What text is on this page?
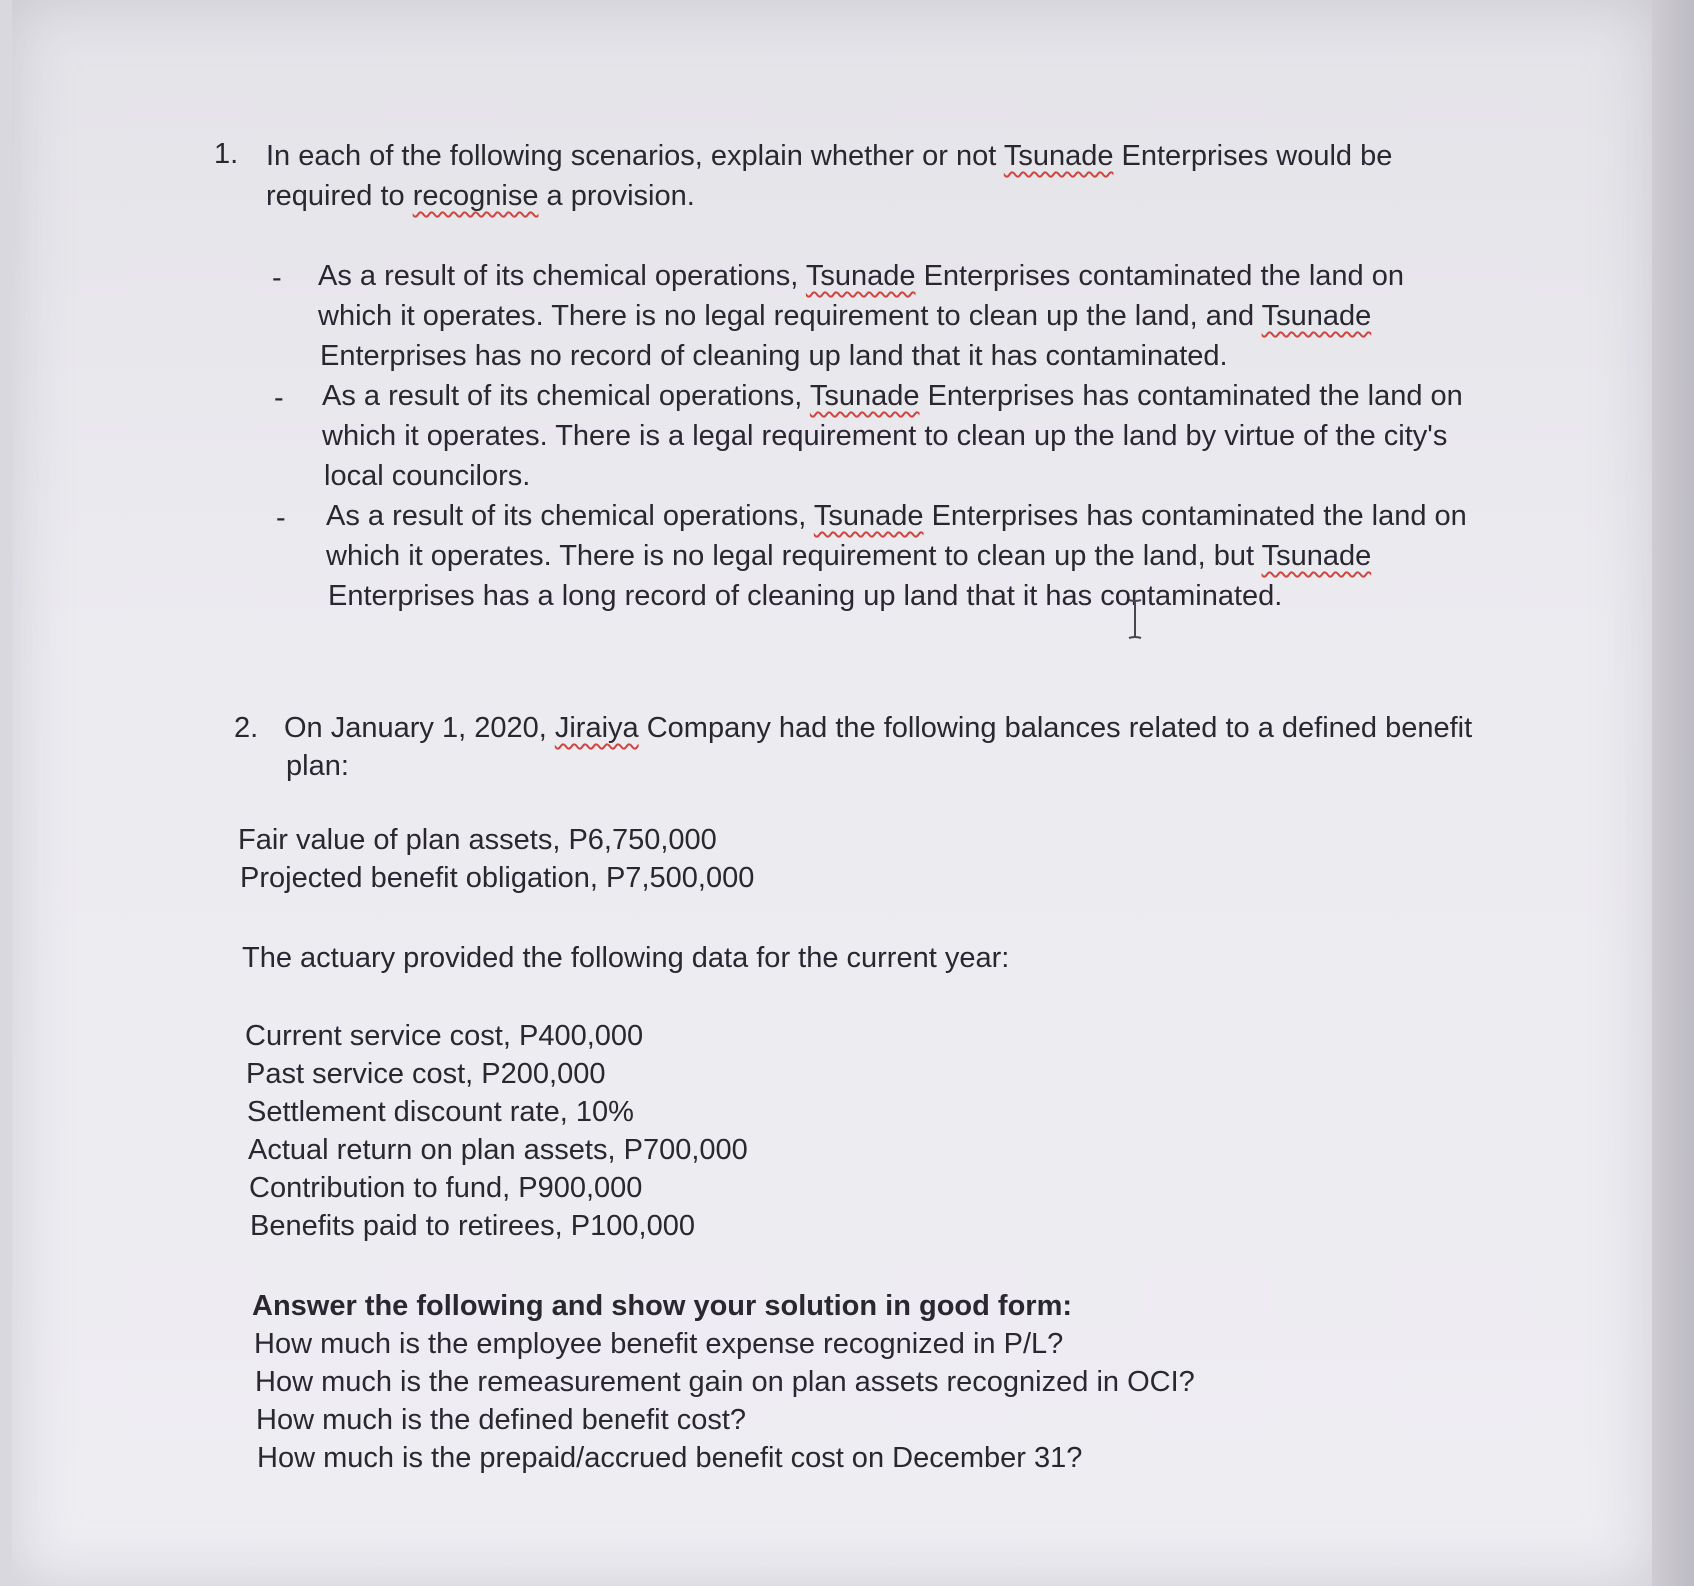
1. In each of the following scenarios, explain whether or not Tsunade Enterprises would be
required to recognise a provision.
- As a result of its chemical operations, Tsunade Enterprises contaminated the land on
which it operates. There is no legal requirement to clean up the land, and Tsunade
Enterprises has no record of cleaning up land that it has contaminated.
- As a result of its chemical operations, Tsunade Enterprises has contaminated the land on
which it operates. There is a legal requirement to clean up the land by virtue of the city's
local councilors.
- As a result of its chemical operations, Tsunade Enterprises has contaminated the land on
which it operates. There is no legal requirement to clean up the land, but Tsunade
Enterprises has a long record of cleaning up land that it has contaminated.
2. On January 1, 2020, Jiraiya Company had the following balances related to a defined benefit
plan:
Fair value of plan assets, P6,750,000
Projected benefit obligation, P7,500,000
The actuary provided the following data for the current year:
Current service cost, P400,000
Past service cost, P200,000
Settlement discount rate, 10%
Actual return on plan assets, P700,000
Contribution to fund, P900,000
Benefits paid to retirees, P100,000
Answer the following and show your solution in good form:
How much is the employee benefit expense recognized in P/L?
How much is the remeasurement gain on plan assets recognized in OCI?
How much is the defined benefit cost?
How much is the prepaid/accrued benefit cost on December 31?
